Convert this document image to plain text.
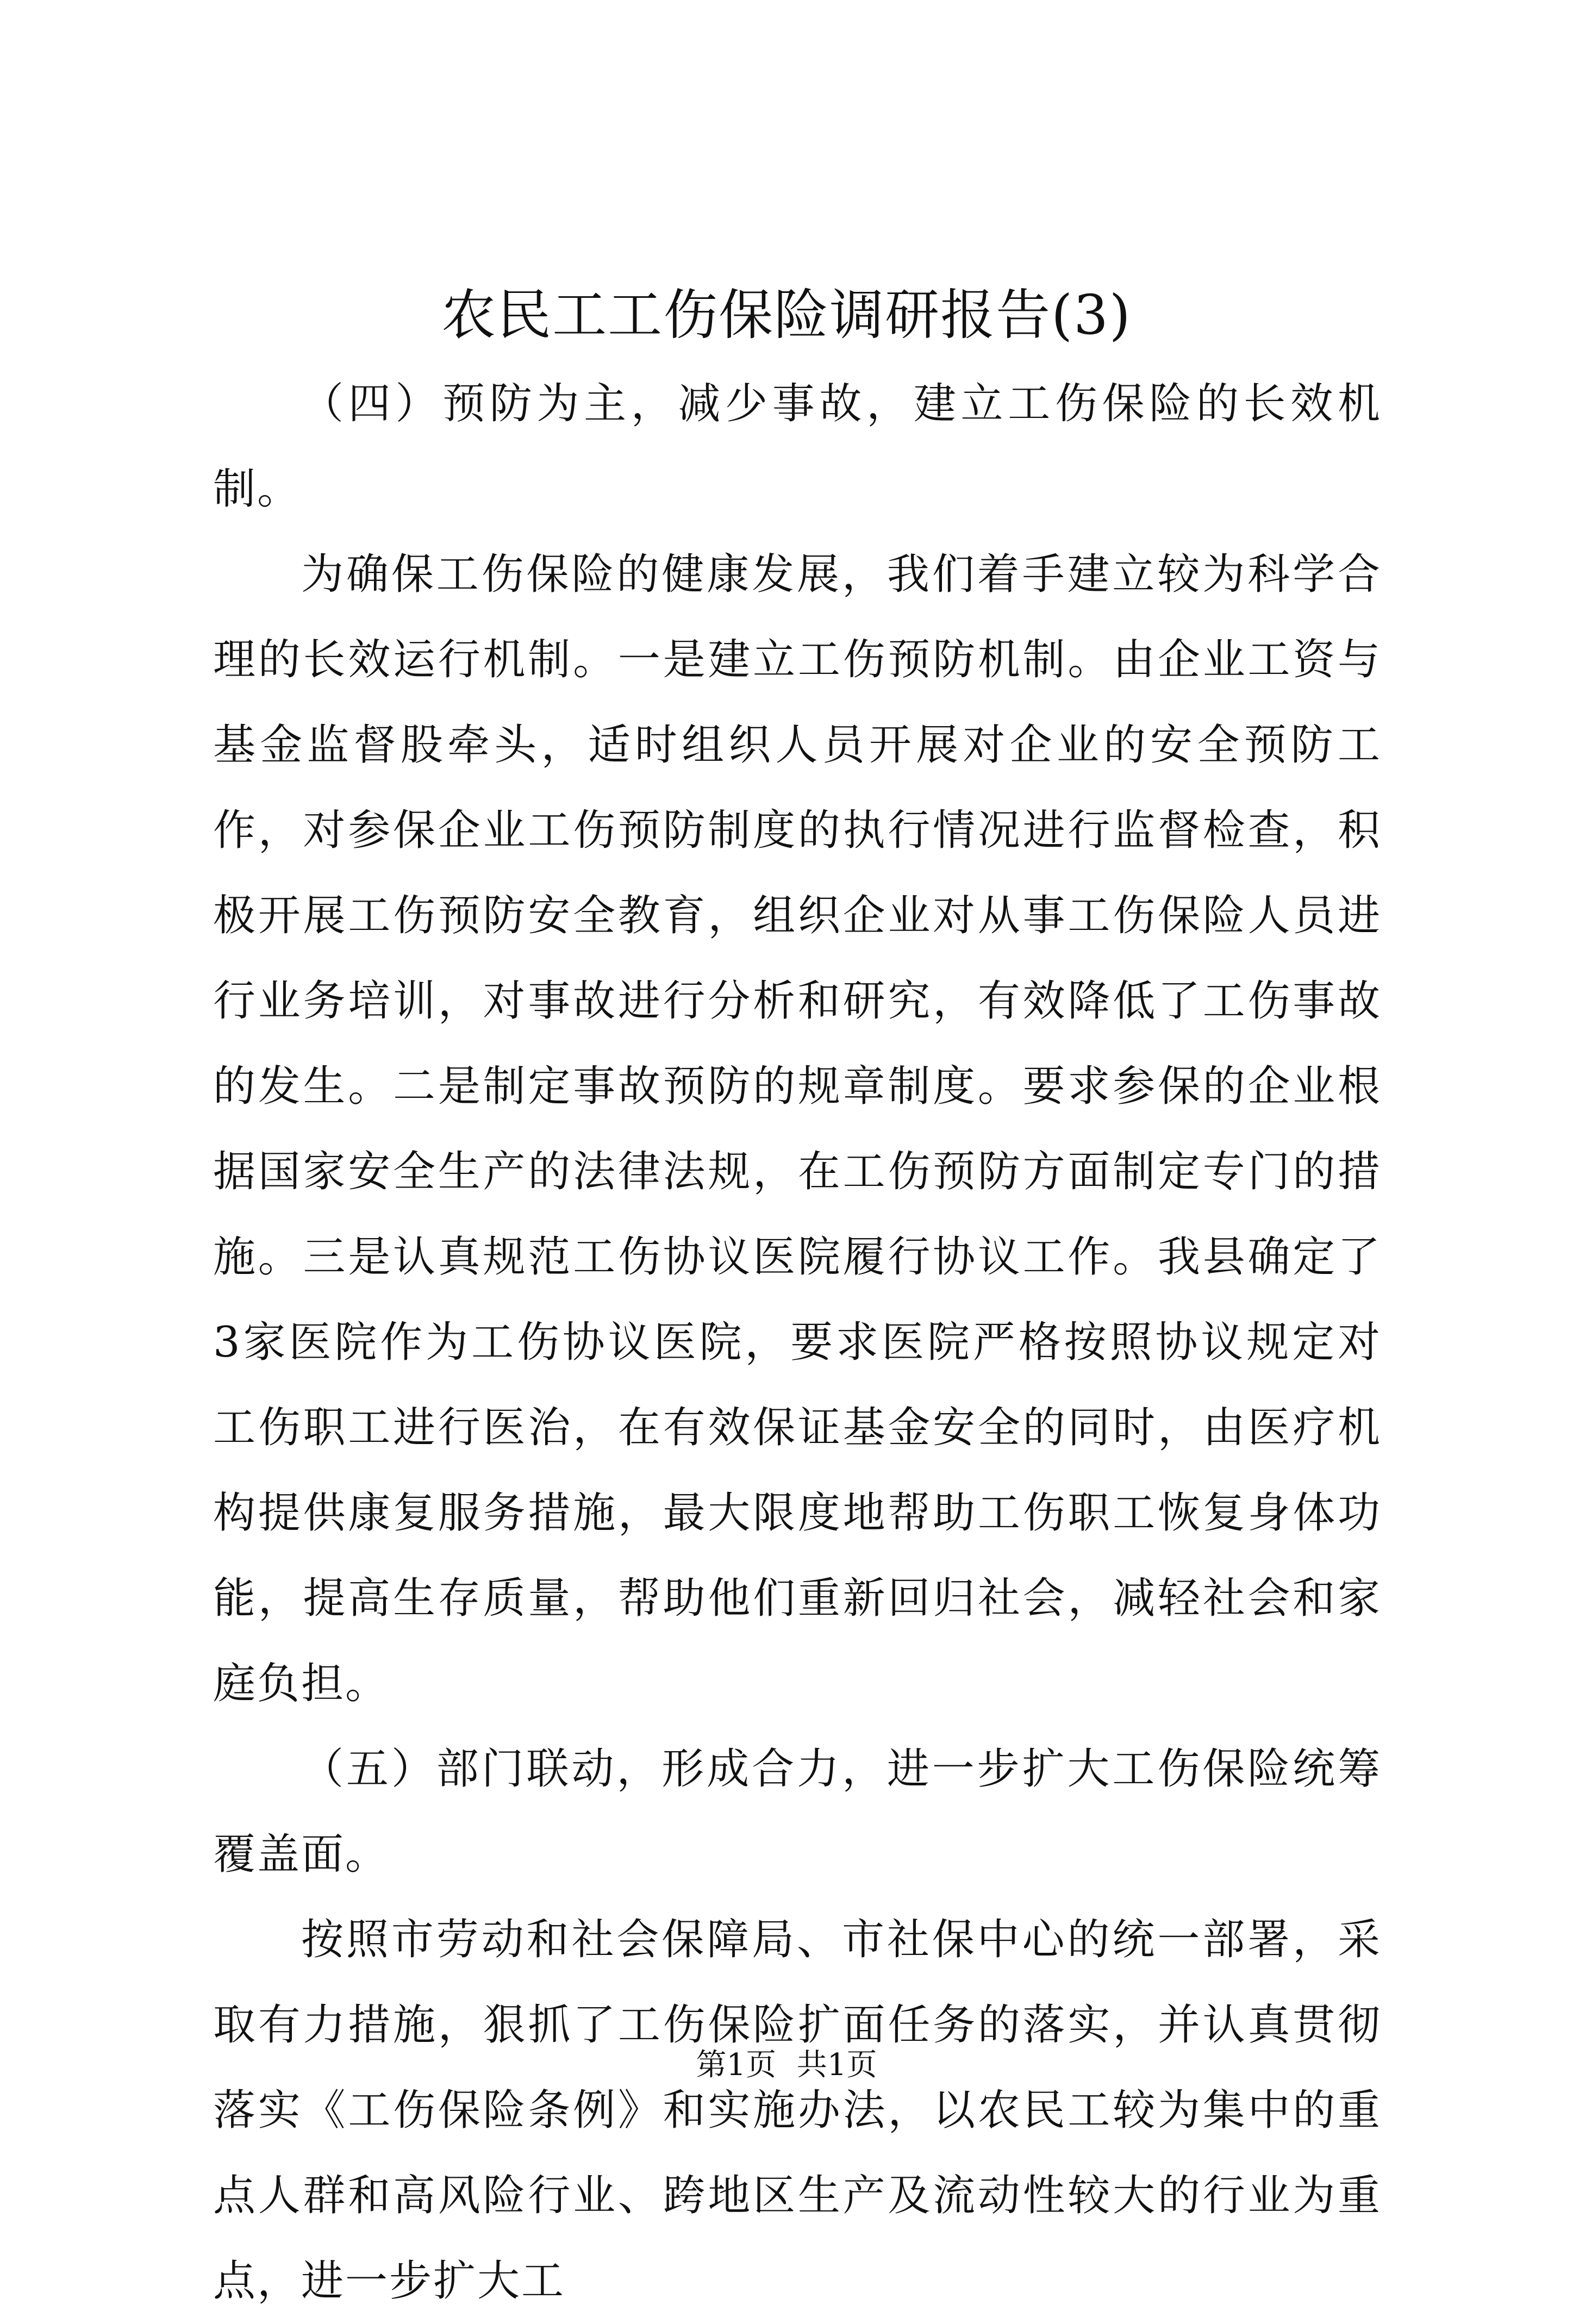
农民工工伤保险调研报告(3)

（四）预防为主，减少事故，建立工伤保险的长效机制。

为确保工伤保险的健康发展，我们着手建立较为科学合理的长效运行机制。一是建立工伤预防机制。由企业工资与基金监督股牵头，适时组织人员开展对企业的安全预防工作，对参保企业工伤预防制度的执行情况进行监督检查，积极开展工伤预防安全教育，组织企业对从事工伤保险人员进行业务培训，对事故进行分析和研究，有效降低了工伤事故的发生。二是制定事故预防的规章制度。要求参保的企业根据国家安全生产的法律法规，在工伤预防方面制定专门的措施。三是认真规范工伤协议医院履行协议工作。我县确定了3家医院作为工伤协议医院，要求医院严格按照协议规定对工伤职工进行医治，在有效保证基金安全的同时，由医疗机构提供康复服务措施，最大限度地帮助工伤职工恢复身体功能，提高生存质量，帮助他们重新回归社会，减轻社会和家庭负担。

（五）部门联动，形成合力，进一步扩大工伤保险统筹覆盖面。

按照市劳动和社会保障局、市社保中心的统一部署，采取有力措施，狠抓了工伤保险扩面任务的落实，并认真贯彻落实《工伤保险条例》和实施办法，以农民工较为集中的重点人群和高风险行业、跨地区生产及流动性较大的行业为重点，进一步扩大工

第1页 共1页
